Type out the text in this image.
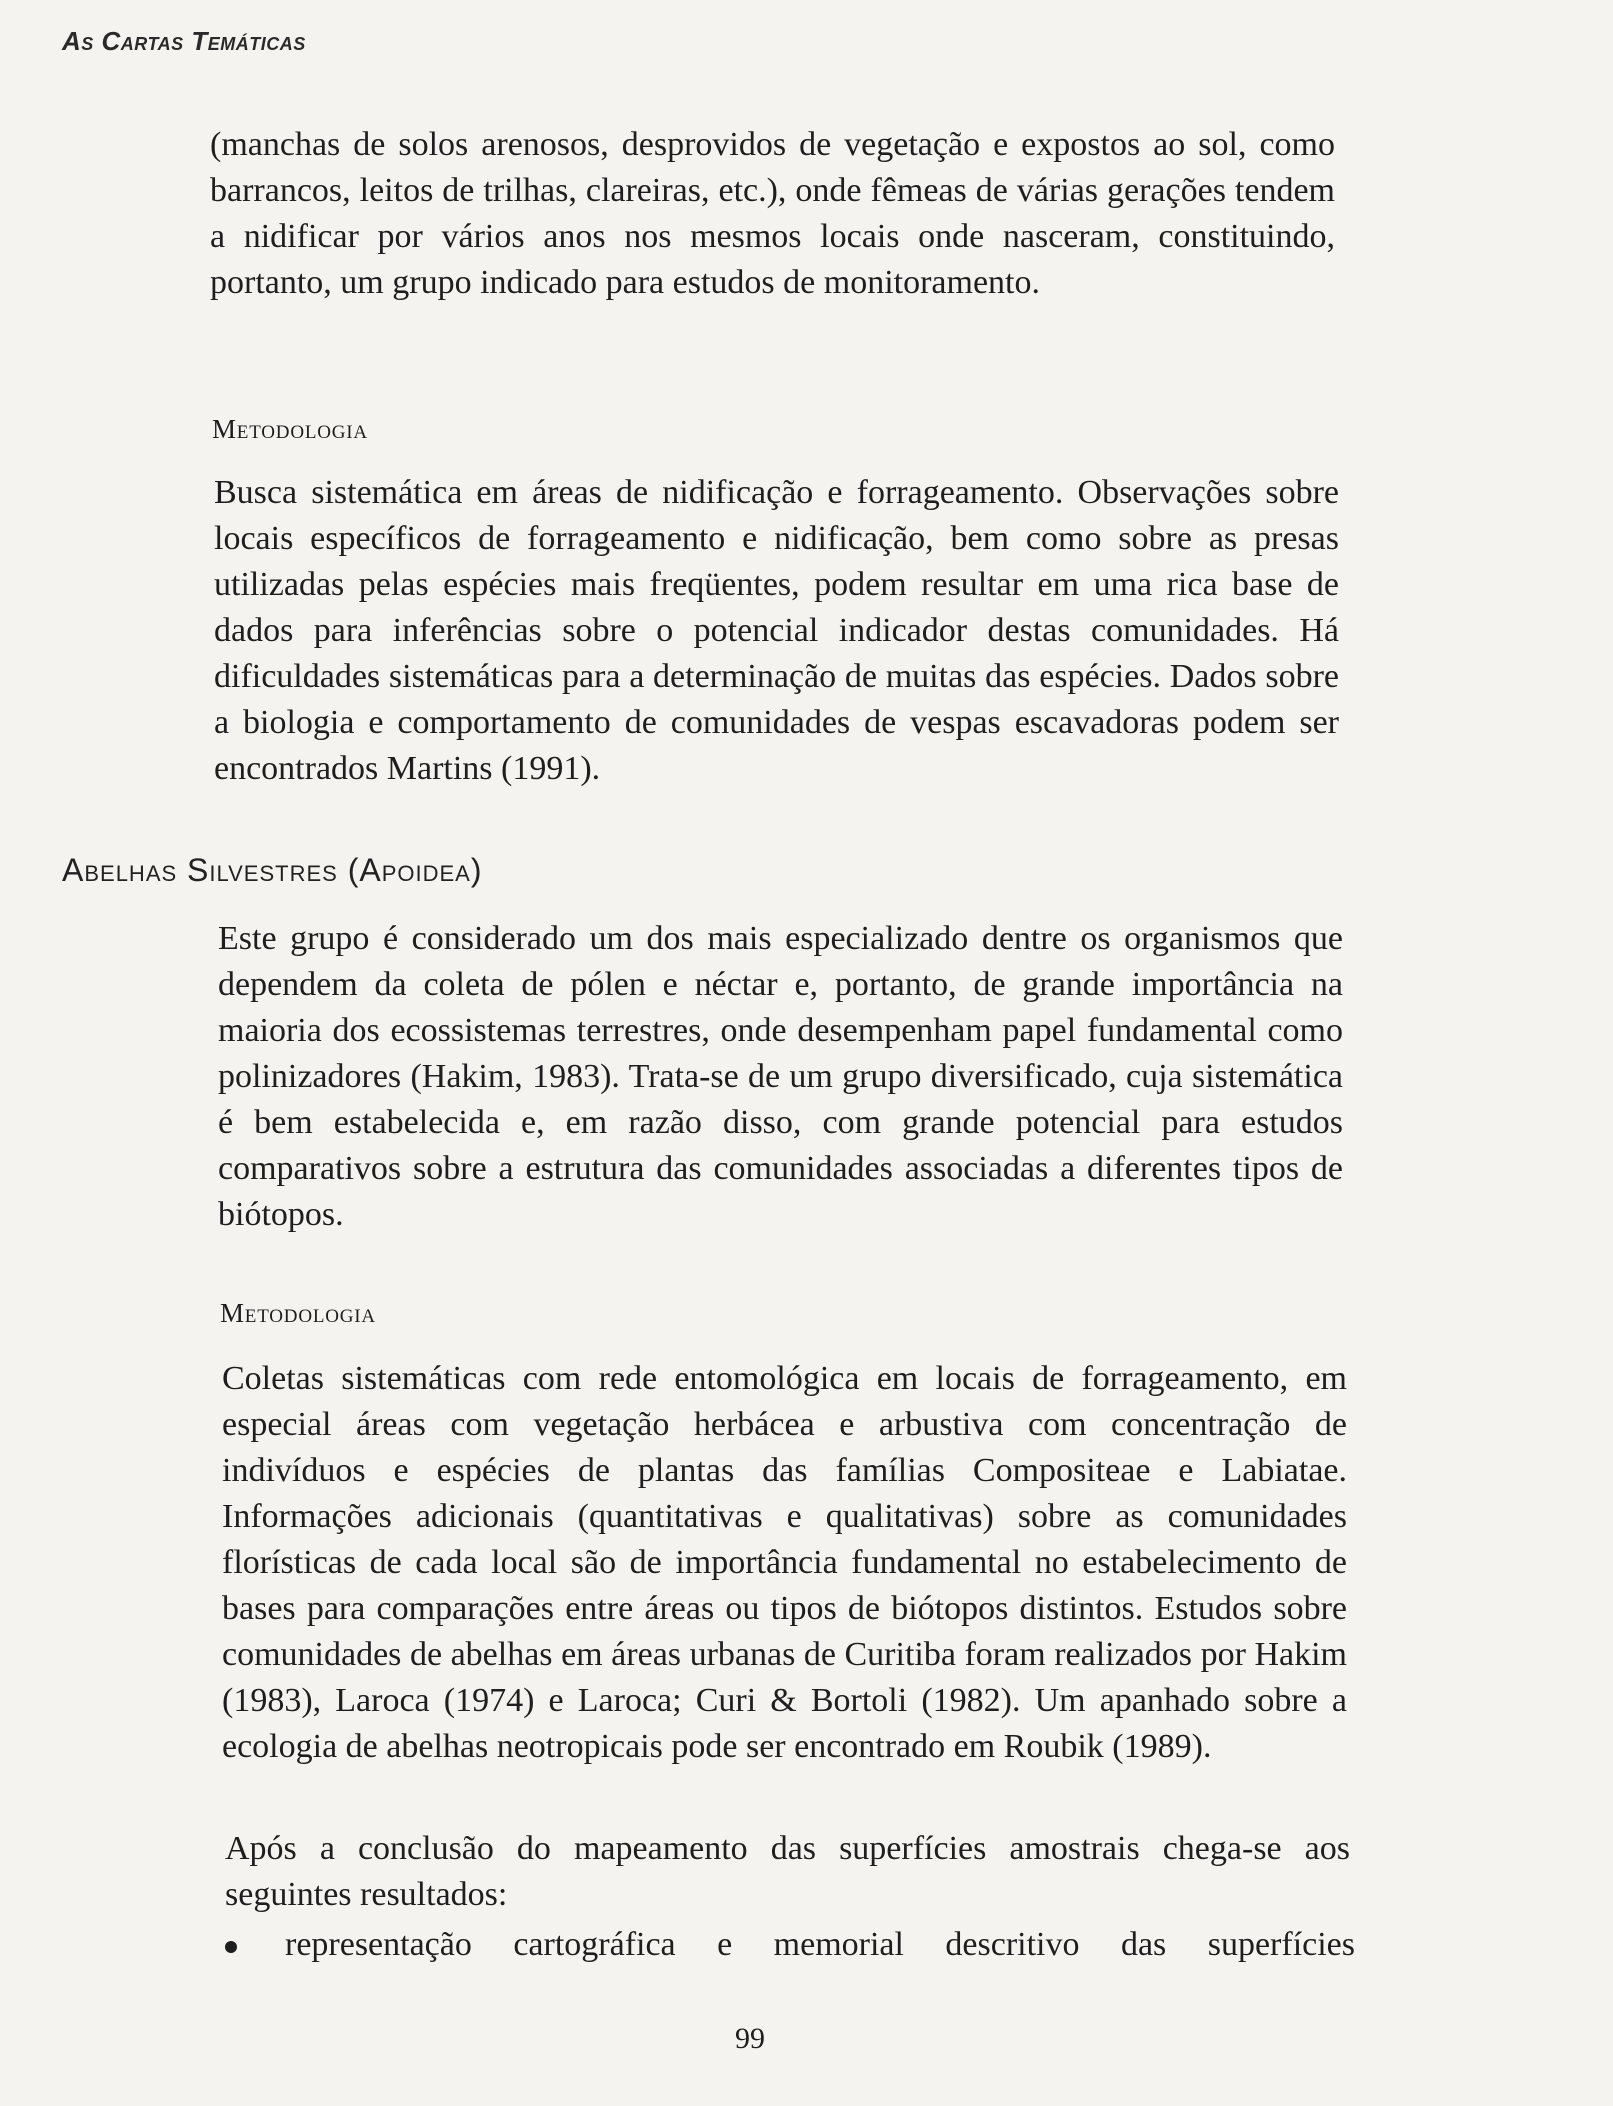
As Cartas Temáticas

(manchas de solos arenosos, desprovidos de vegetação e expostos ao sol, como barrancos, leitos de trilhas, clareiras, etc.), onde fêmeas de várias gerações tendem a nidificar por vários anos nos mesmos locais onde nasceram, constituindo, portanto, um grupo indicado para estudos de monitoramento.

Metodologia

Busca sistemática em áreas de nidificação e forrageamento. Observações sobre locais específicos de forrageamento e nidificação, bem como sobre as presas utilizadas pelas espécies mais freqüentes, podem resultar em uma rica base de dados para inferências sobre o potencial indicador destas comunidades. Há dificuldades sistemáticas para a determinação de muitas das espécies. Dados sobre a biologia e comportamento de comunidades de vespas escavadoras podem ser encontrados Martins (1991).

Abelhas Silvestres (Apoidea)

Este grupo é considerado um dos mais especializado dentre os organismos que dependem da coleta de pólen e néctar e, portanto, de grande importância na maioria dos ecossistemas terrestres, onde desempenham papel fundamental como polinizadores (Hakim, 1983). Trata-se de um grupo diversificado, cuja sistemática é bem estabelecida e, em razão disso, com grande potencial para estudos comparativos sobre a estrutura das comunidades associadas a diferentes tipos de biótopos.

Metodologia

Coletas sistemáticas com rede entomológica em locais de forrageamento, em especial áreas com vegetação herbácea e arbustiva com concentração de indivíduos e espécies de plantas das famílias Compositeae e Labiatae. Informações adicionais (quantitativas e qualitativas) sobre as comunidades florísticas de cada local são de importância fundamental no estabelecimento de bases para comparações entre áreas ou tipos de biótopos distintos. Estudos sobre comunidades de abelhas em áreas urbanas de Curitiba foram realizados por Hakim (1983), Laroca (1974) e Laroca; Curi & Bortoli (1982). Um apanhado sobre a ecologia de abelhas neotropicais pode ser encontrado em Roubik (1989).

Após a conclusão do mapeamento das superfícies amostrais chega-se aos seguintes resultados:

representação cartográfica e memorial descritivo das superfícies
99
